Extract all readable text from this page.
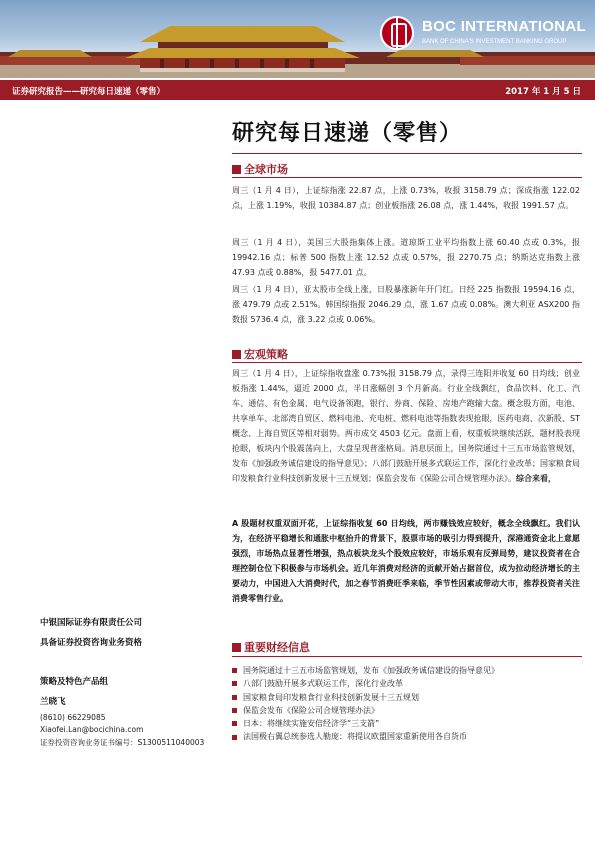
BOC INTERNATIONAL
BANK OF CHINA'S INVESTMENT BANKING GROUP
证券研究报告——研究每日速递（零售）	2017 年 1 月 5 日
研究每日速递（零售）
全球市场
周三（1 月 4 日），上证综指涨 22.87 点，上涨 0.73%，收报 3158.79 点；深成指涨 122.02 点，上涨 1.19%，收报 10384.87 点；创业板指涨 26.08 点，涨 1.44%，收报 1991.57 点。
周三（1 月 4 日），美国三大股指集体上涨。道琼斯工业平均指数上涨 60.40 点或 0.3%，报 19942.16 点；标普 500 指数上涨 12.52 点或 0.57%，报 2270.75 点；纳斯达克指数上涨 47.93 点或 0.88%，报 5477.01 点。
周三（1 月 4 日），亚太股市全线上涨，日股暴涨新年开门红。日经 225 指数报 19594.16 点，涨 479.79 点或 2.51%。韩国综指报 2046.29 点，涨 1.67 点或 0.08%。澳大利亚 ASX200 指数报 5736.4 点，涨 3.22 点或 0.06%。
宏观策略
周三（1 月 4 日），上证综指收盘涨 0.73%报 3158.79 点，录得三连阳并收复 60 日均线；创业板指涨 1.44%，逼近 2000 点，半日涨幅创 3 个月新高。行业全线飘红，食品饮料、化工、汽车、通信、有色金属、电气设备领跑，银行、券商、保险、房地产跑输大盘。概念股方面，电池、共享单车、北部湾自贸区、燃料电池、充电桩、燃料电池等指数表现抢眼，医药电商、次新股、ST 概念、上海自贸区等相对弱势。两市成交 4503 亿元。盘面上看，权重板块继续活跃，题材股表现抢眼，板块内个股震荡向上，大盘呈现普涨格局。消息层面上，国务院通过十三五市场监管规划，发布《加强政务诚信建设的指导意见》；八部门鼓励开展多式联运工作，深化行业改革；国家粮食局印发粮食行业科技创新发展十三五规划；保监会发布《保险公司合规管理办法》。综合来看，
A 股题材权重双面开花，上证综指收复 60 日均线，两市赚钱效应较好，概念全线飘红。我们认为，在经济平稳增长和通胀中枢抬升的背景下，股票市场的吸引力得到提升，深港通资金北上意愿强烈，市场热点显著性增强，热点板块龙头个股效应较好，市场乐观有反弹局势，建议投资者在合理控制仓位下积极参与市场机会。近几年消费对经济的贡献开始占据首位，成为拉动经济增长的主要动力，中国进入大消费时代，加之春节消费旺季来临，季节性因素或带动大市，推荐投资者关注消费零售行业。
重要财经信息
国务院通过十三五市场监管规划，发布《加强政务诚信建设的指导意见》
八部门鼓励开展多式联运工作，深化行业改革
国家粮食局印发粮食行业科技创新发展十三五规划
保监会发布《保险公司合规管理办法》
日本：将继续实施安倍经济学“三支箭”
法国极右翼总统参选人勒庞：将提议欧盟国家重新使用各自货币
中银国际证券有限责任公司
具备证券投资咨询业务资格
策略及特色产品组
兰晓飞
(8610) 66229085
Xiaofei.Lan@bocichina.com
证券投资咨询业务证书编号：S1300511040003
